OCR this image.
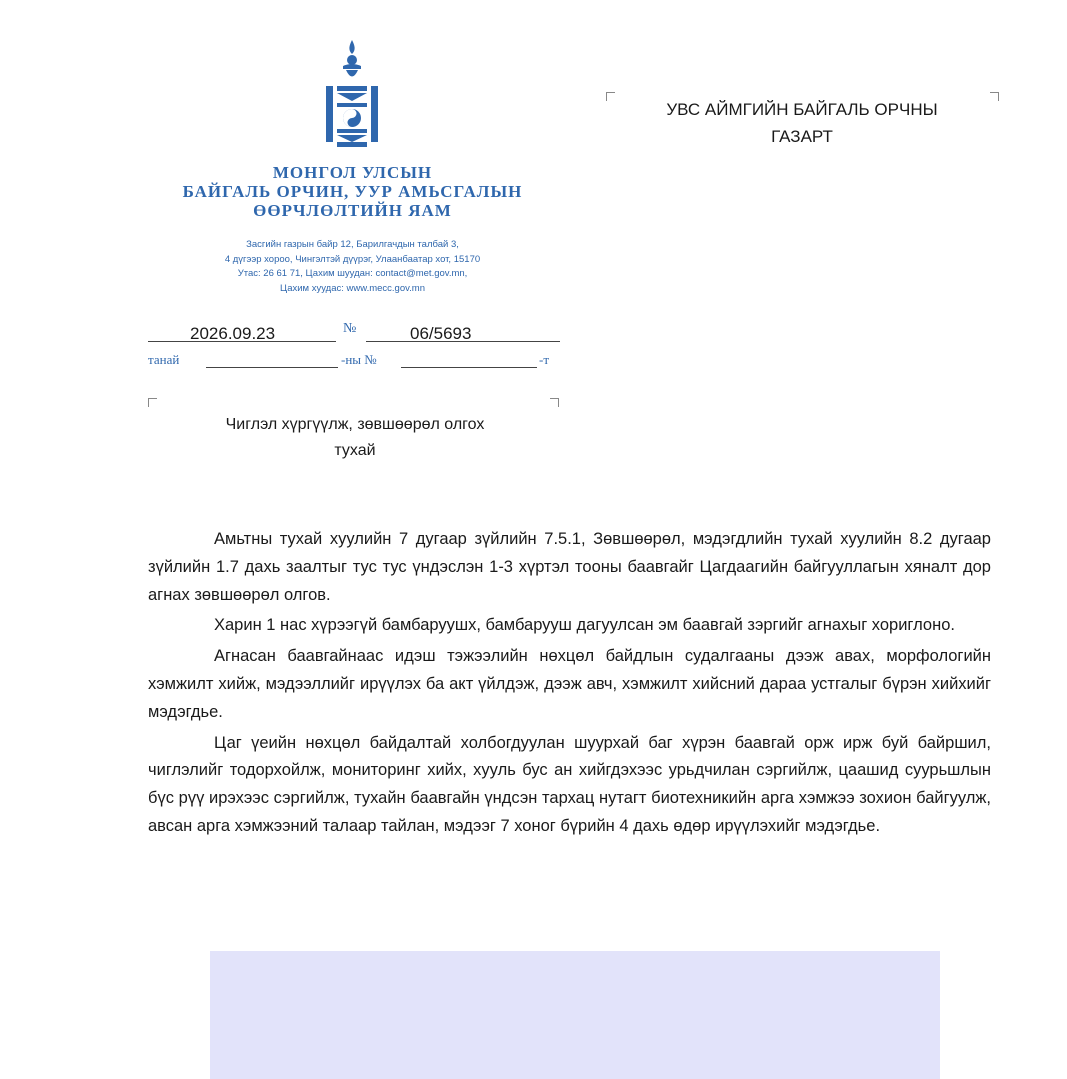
МОНГОЛ УЛСЫН
БАЙГАЛЬ ОРЧИН, УУР АМЬСГАЛЫН
ӨӨРЧЛӨЛТИЙН ЯАМ
Засгийн газрын байр 12, Барилгачдын талбай 3,
4 дүгээр хороо, Чингэлтэй дүүрэг, Улаанбаатар хот, 15170
Утас: 26 61 71, Цахим шуудан: contact@met.gov.mn,
Цахим хуудас: www.mecc.gov.mn
2026.09.23	№	06/5693
танай	-ны №	-т
УВС АЙМГИЙН БАЙГАЛЬ ОРЧНЫ
ГАЗАРТ
Чиглэл хүргүүлж, зөвшөөрөл олгох
тухай

Амьтны тухай хуулийн 7 дугаар зүйлийн 7.5.1, Зөвшөөрөл, мэдэгдлийн тухай хуулийн 8.2 дугаар зүйлийн 1.7 дахь заалтыг тус тус үндэслэн 1-3 хүртэл тооны баавгайг Цагдаагийн байгууллагын хяналт дор агнах зөвшөөрөл олгов.

Харин 1 нас хүрээгүй бамбаруушх, бамбарууш дагуулсан эм баавгай зэргийг агнахыг хориглоно.

Агнасан баавгайнаас идэш тэжээлийн нөхцөл байдлын судалгааны дээж авах, морфологийн хэмжилт хийж, мэдээллийг ирүүлэх ба акт үйлдэж, дээж авч, хэмжилт хийсний дараа устгалыг бүрэн хийхийг мэдэгдье.

Цаг үеийн нөхцөл байдалтай холбогдуулан шуурхай баг хүрэн баавгай орж ирж буй байршил, чиглэлийг тодорхойлж, мониторинг хийх, хууль бус ан хийгдэхээс урьдчилан сэргийлж, цаашид суурьшлын бүс рүү ирэхээс сэргийлж, тухайн баавгайн үндсэн тархац нутагт биотехникийн арга хэмжээ зохион байгуулж, авсан арга хэмжээний талаар тайлан, мэдээг 7 хоног бүрийн 4 дахь өдөр ирүүлэхийг мэдэгдье.
